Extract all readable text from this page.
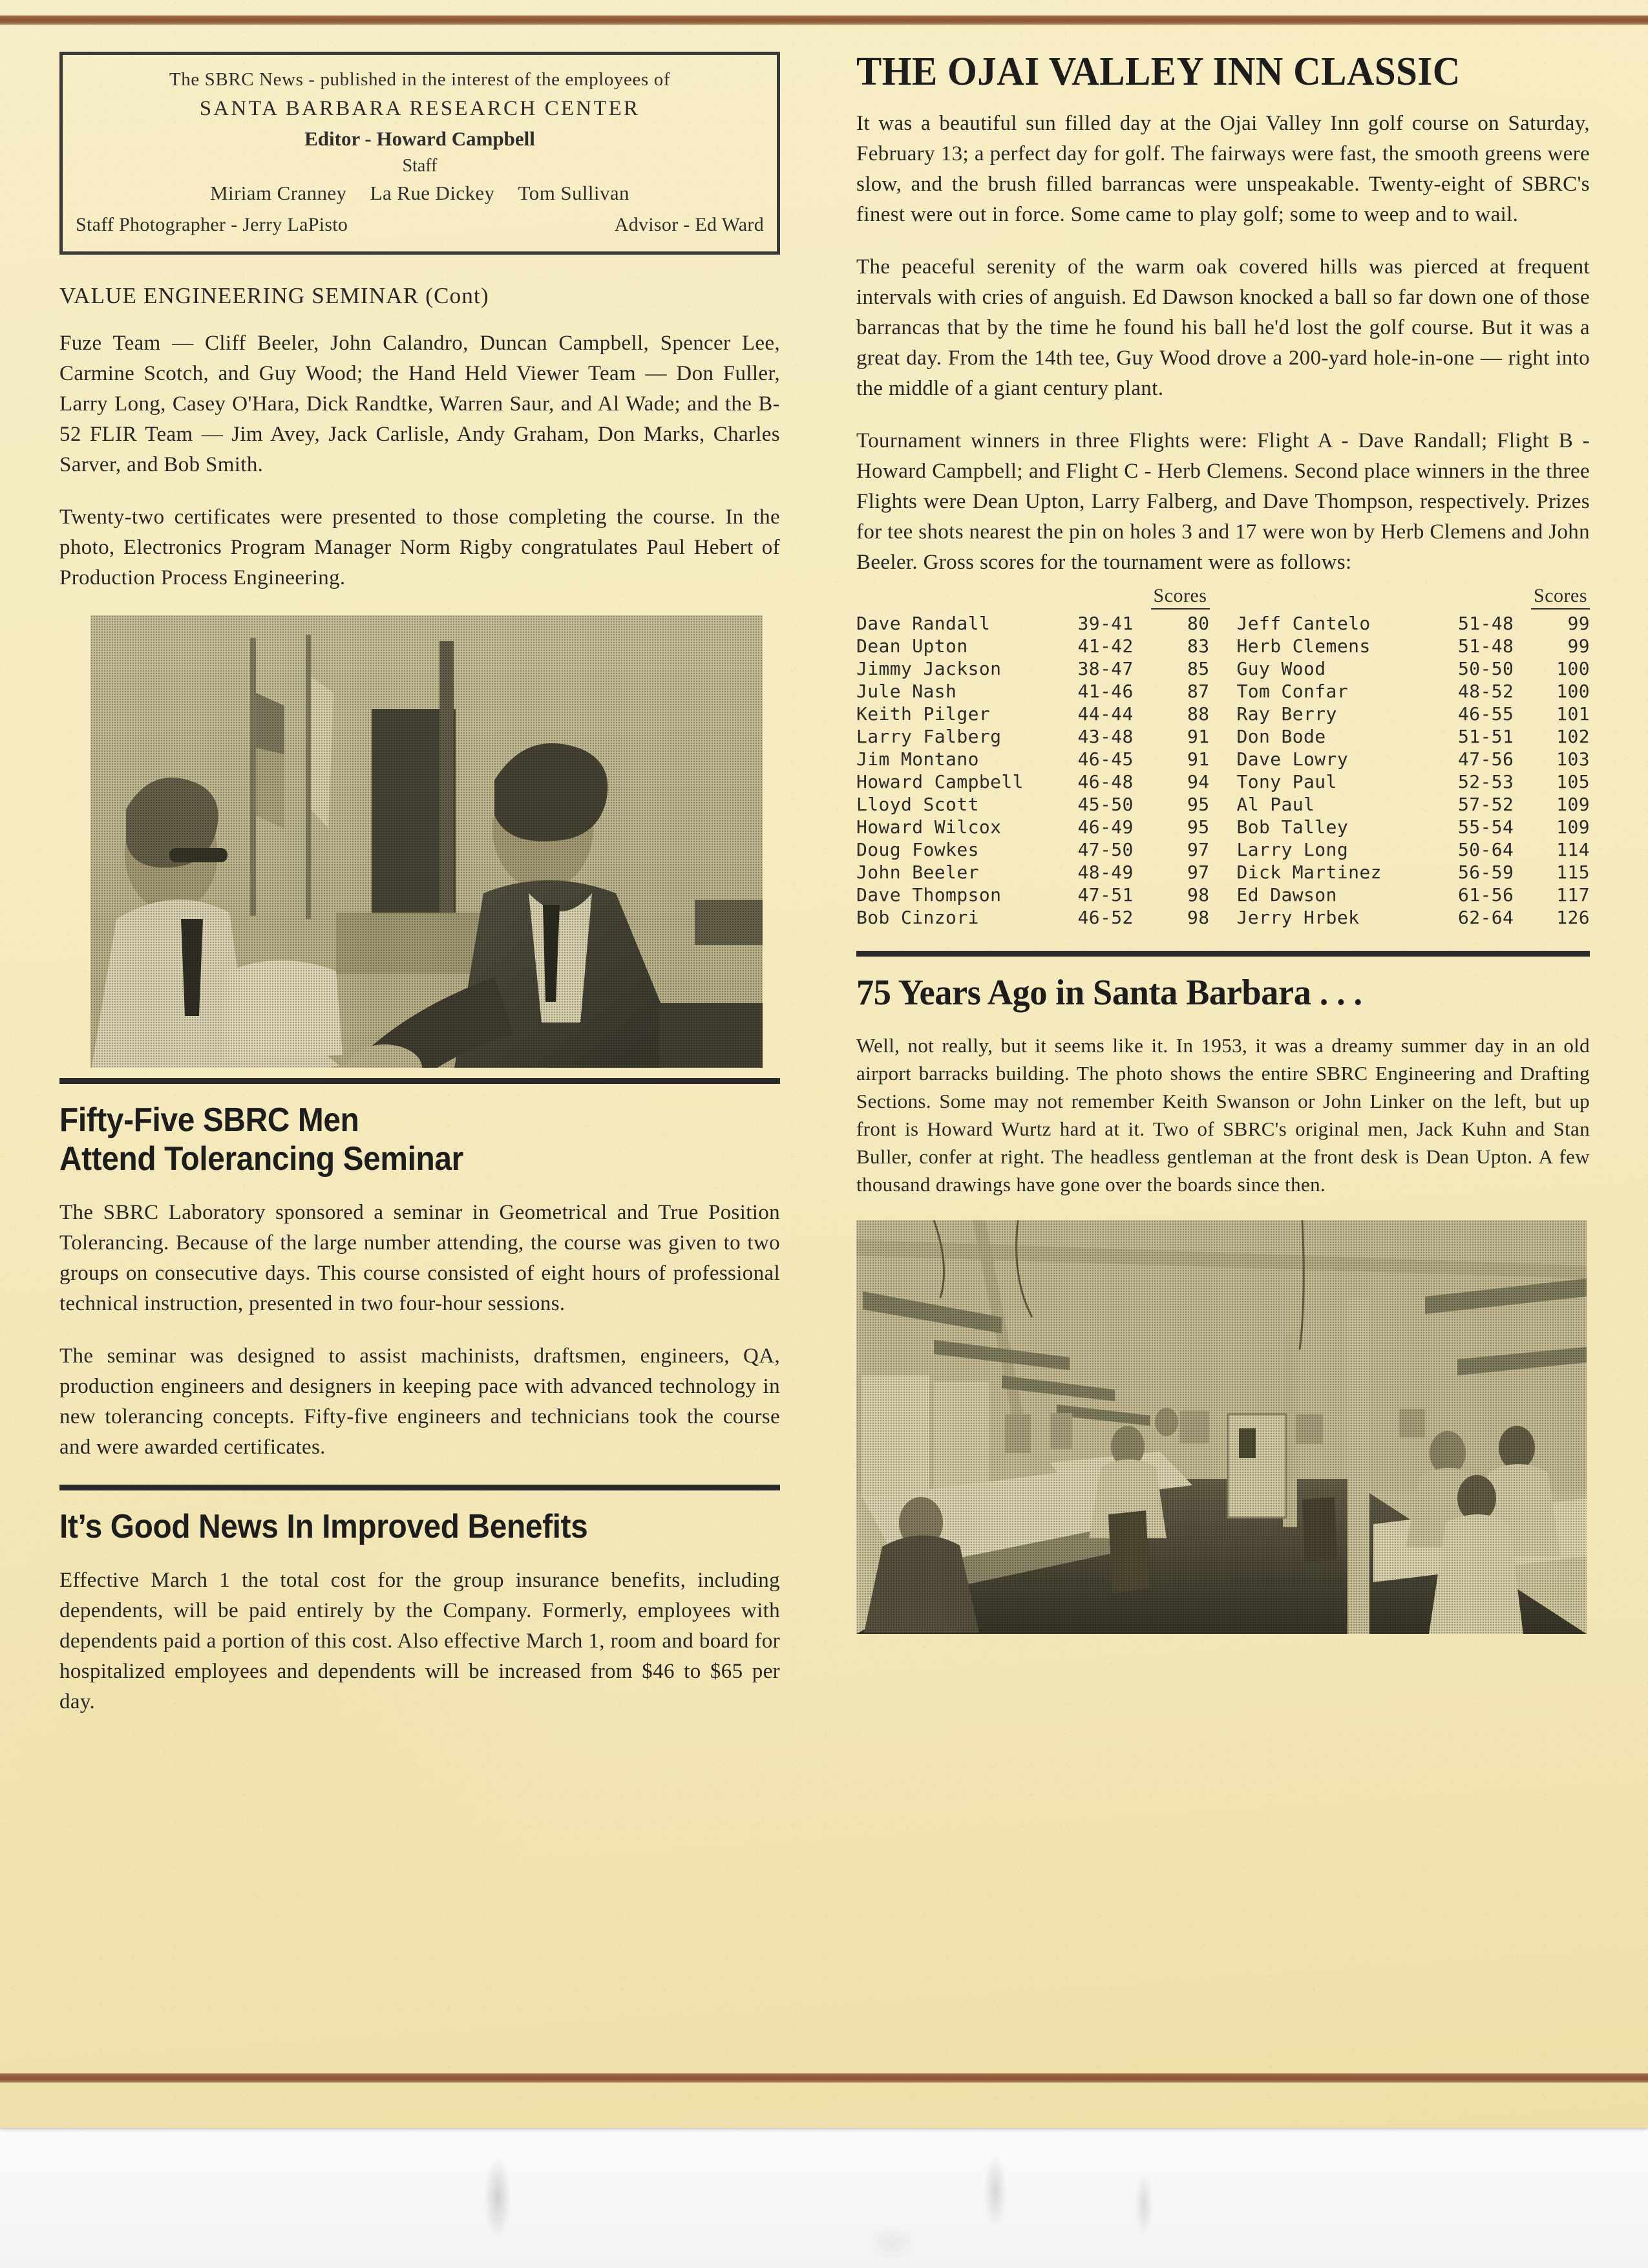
The SBRC News - published in the interest of the employees of
SANTA BARBARA RESEARCH CENTER
Editor - Howard Campbell
Staff
Miriam Cranney La Rue Dickey Tom Sullivan
Staff Photographer - Jerry LaPisto	Advisor - Ed Ward
VALUE ENGINEERING SEMINAR (Cont)

Fuze Team — Cliff Beeler, John Calandro, Duncan Campbell, Spencer Lee, Carmine Scotch, and Guy Wood; the Hand Held Viewer Team — Don Fuller, Larry Long, Casey O'Hara, Dick Randtke, Warren Saur, and Al Wade; and the B-52 FLIR Team — Jim Avey, Jack Carlisle, Andy Graham, Don Marks, Charles Sarver, and Bob Smith.

Twenty-two certificates were presented to those completing the course. In the photo, Electronics Program Manager Norm Rigby congratulates Paul Hebert of Production Process Engineering.

Fifty-Five SBRC Men
Attend Tolerancing Seminar

The SBRC Laboratory sponsored a seminar in Geometrical and True Position Tolerancing. Because of the large number attending, the course was given to two groups on consecutive days. This course consisted of eight hours of professional technical instruction, presented in two four-hour sessions.

The seminar was designed to assist machinists, draftsmen, engineers, QA, production engineers and designers in keeping pace with advanced technology in new tolerancing concepts. Fifty-five engineers and technicians took the course and were awarded certificates.

It’s Good News In Improved Benefits

Effective March 1 the total cost for the group insurance benefits, including dependents, will be paid entirely by the Company. Formerly, employees with dependents paid a portion of this cost. Also effective March 1, room and board for hospitalized employees and dependents will be increased from $46 to $65 per day.

THE OJAI VALLEY INN CLASSIC

It was a beautiful sun filled day at the Ojai Valley Inn golf course on Saturday, February 13; a perfect day for golf. The fairways were fast, the smooth greens were slow, and the brush filled barrancas were unspeakable. Twenty-eight of SBRC's finest were out in force. Some came to play golf; some to weep and to wail.

The peaceful serenity of the warm oak covered hills was pierced at frequent intervals with cries of anguish. Ed Dawson knocked a ball so far down one of those barrancas that by the time he found his ball he'd lost the golf course. But it was a great day. From the 14th tee, Guy Wood drove a 200-yard hole-in-one — right into the middle of a giant century plant.

Tournament winners in three Flights were: Flight A - Dave Randall; Flight B - Howard Campbell; and Flight C - Herb Clemens. Second place winners in the three Flights were Dean Upton, Larry Falberg, and Dave Thompson, respectively. Prizes for tee shots nearest the pin on holes 3 and 17 were won by Herb Clemens and John Beeler. Gross scores for the tournament were as follows:

Scores
Dave Randall	39-41	80
Dean Upton	41-42	83
Jimmy Jackson	38-47	85
Jule Nash	41-46	87
Keith Pilger	44-44	88
Larry Falberg	43-48	91
Jim Montano	46-45	91
Howard Campbell	46-48	94
Lloyd Scott	45-50	95
Howard Wilcox	46-49	95
Doug Fowkes	47-50	97
John Beeler	48-49	97
Dave Thompson	47-51	98
Bob Cinzori	46-52	98
Scores
Jeff Cantelo	51-48	99
Herb Clemens	51-48	99
Guy Wood	50-50	100
Tom Confar	48-52	100
Ray Berry	46-55	101
Don Bode	51-51	102
Dave Lowry	47-56	103
Tony Paul	52-53	105
Al Paul	57-52	109
Bob Talley	55-54	109
Larry Long	50-64	114
Dick Martinez	56-59	115
Ed Dawson	61-56	117
Jerry Hrbek	62-64	126
75 Years Ago in Santa Barbara . . .

Well, not really, but it seems like it. In 1953, it was a dreamy summer day in an old airport barracks building. The photo shows the entire SBRC Engineering and Drafting Sections. Some may not remember Keith Swanson or John Linker on the left, but up front is Howard Wurtz hard at it. Two of SBRC's original men, Jack Kuhn and Stan Buller, confer at right. The headless gentleman at the front desk is Dean Upton. A few thousand drawings have gone over the boards since then.
